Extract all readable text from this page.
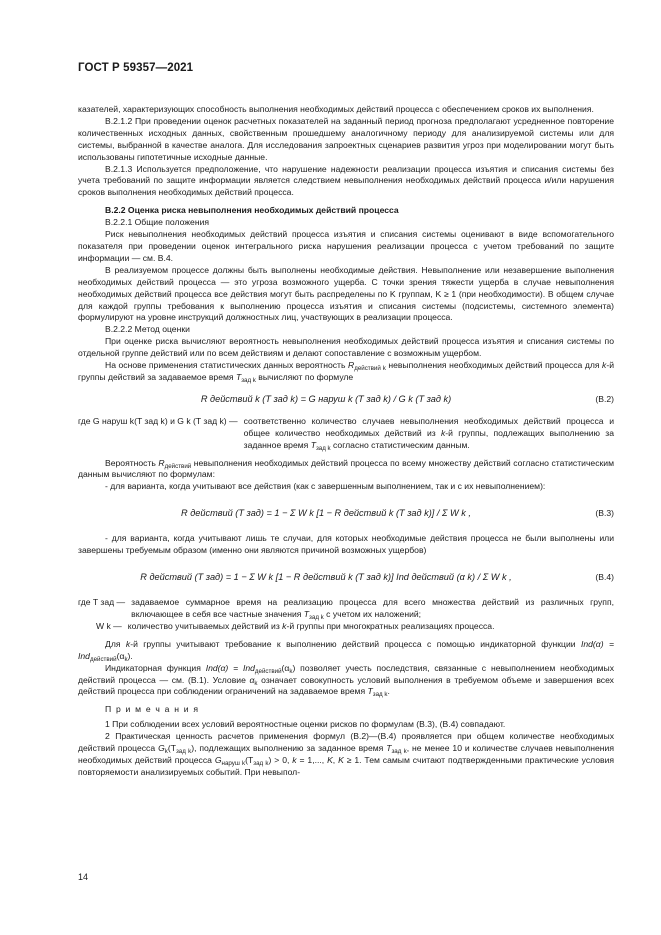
ГОСТ Р 59357—2021

казателей, характеризующих способность выполнения необходимых действий процесса с обеспечением сроков их выполнения.

В.2.1.2 При проведении оценок расчетных показателей на заданный период прогноза предполагают усредненное повторение количественных исходных данных, свойственным прошедшему аналогичному периоду для анализируемой системы или для системы, выбранной в качестве аналога. Для исследования запроектных сценариев развития угроз при моделировании могут быть использованы гипотетичные исходные данные.

В.2.1.3 Используется предположение, что нарушение надежности реализации процесса изъятия и списания системы без учета требований по защите информации является следствием невыполнения необходимых действий процесса и/или нарушения сроков выполнения необходимых действий процесса.

В.2.2 Оценка риска невыполнения необходимых действий процесса

В.2.2.1 Общие положения

Риск невыполнения необходимых действий процесса изъятия и списания системы оценивают в виде вспомогательного показателя при проведении оценок интегрального риска нарушения реализации процесса с учетом требований по защите информации — см. В.4.

В реализуемом процессе должны быть выполнены необходимые действия. Невыполнение или незавершение выполнения необходимых действий процесса — это угроза возможного ущерба. С точки зрения тяжести ущерба в случае невыполнения необходимых действий процесса все действия могут быть распределены по K группам, K ≥ 1 (при необходимости). В общем случае для каждой группы требования к выполнению процесса изъятия и списания системы (подсистемы, системного элемента) формулируют на уровне инструкций должностных лиц, участвующих в реализации процесса.

В.2.2.2 Метод оценки

При оценке риска вычисляют вероятность невыполнения необходимых действий процесса изъятия и списания системы по отдельной группе действий или по всем действиям и делают сопоставление с возможным ущербом.

На основе применения статистических данных вероятность $R_{действий k}$ невыполнения необходимых действий процесса для k-й группы действий за задаваемое время $T_{зад k}$ вычисляют по формуле

R действий k (T зад k) = G наруш k (T зад k) / G k (T зад k)	(В.2)
где G наруш k(T зад k) и G k (T зад k) — соответственно количество случаев невыполнения необходимых действий процесса и общее количество необходимых действий из k-й группы, подлежащих выполнению за заданное время $T_{зад k}$ согласно статистическим данным.

Вероятность $R_{действий}$ невыполнения необходимых действий процесса по всему множеству действий согласно статистическим данным вычисляют по формулам:

- для варианта, когда учитывают все действия (как с завершенным выполнением, так и с их невыполнением):

R действий (T зад) = 1 − Σ W k [1 − R действий k (T зад k)] / Σ W k ,	(В.3)

- для варианта, когда учитывают лишь те случаи, для которых необходимые действия процесса не были выполнены или завершены требуемым образом (именно они являются причиной возможных ущербов)

R действий (T зад) = 1 − Σ W k [1 − R действий k (T зад k)] Ind действий (α k) / Σ W k ,	(В.4)
где T зад — задаваемое суммарное время на реализацию процесса для всего множества действий из различных групп, включающее в себя все частные значения $T_{зад k}$ с учетом их наложений;
W k — количество учитываемых действий из k-й группы при многократных реализациях процесса.

Для k-й группы учитывают требование к выполнению действий процесса с помощью индикаторной функции $Ind(\alpha) = Ind_{действий}(\alpha_k)$.

Индикаторная функция $Ind(\alpha) = Ind_{действий}(\alpha_k)$ позволяет учесть последствия, связанные с невыполнением необходимых действий процесса — см. (В.1). Условие $\alpha_k$ означает совокупность условий выполнения в требуемом объеме и завершения всех действий процесса при соблюдении ограничений на задаваемое время $T_{зад k}$.

П р и м е ч а н и я

1 При соблюдении всех условий вероятностные оценки рисков по формулам (В.3), (В.4) совпадают.

2 Практическая ценность расчетов применения формул (В.2)—(В.4) проявляется при общем количестве необходимых действий процесса $G_k(T_{зад k})$, подлежащих выполнению за заданное время $T_{зад k}$, не менее 10 и количестве случаев невыполнения необходимых действий процесса $G_{наруш k}(T_{зад k}) > 0$, k = 1,..., K, K ≥ 1. Тем самым считают подтвержденными практические условия повторяемости анализируемых событий. При невыпол-

14
